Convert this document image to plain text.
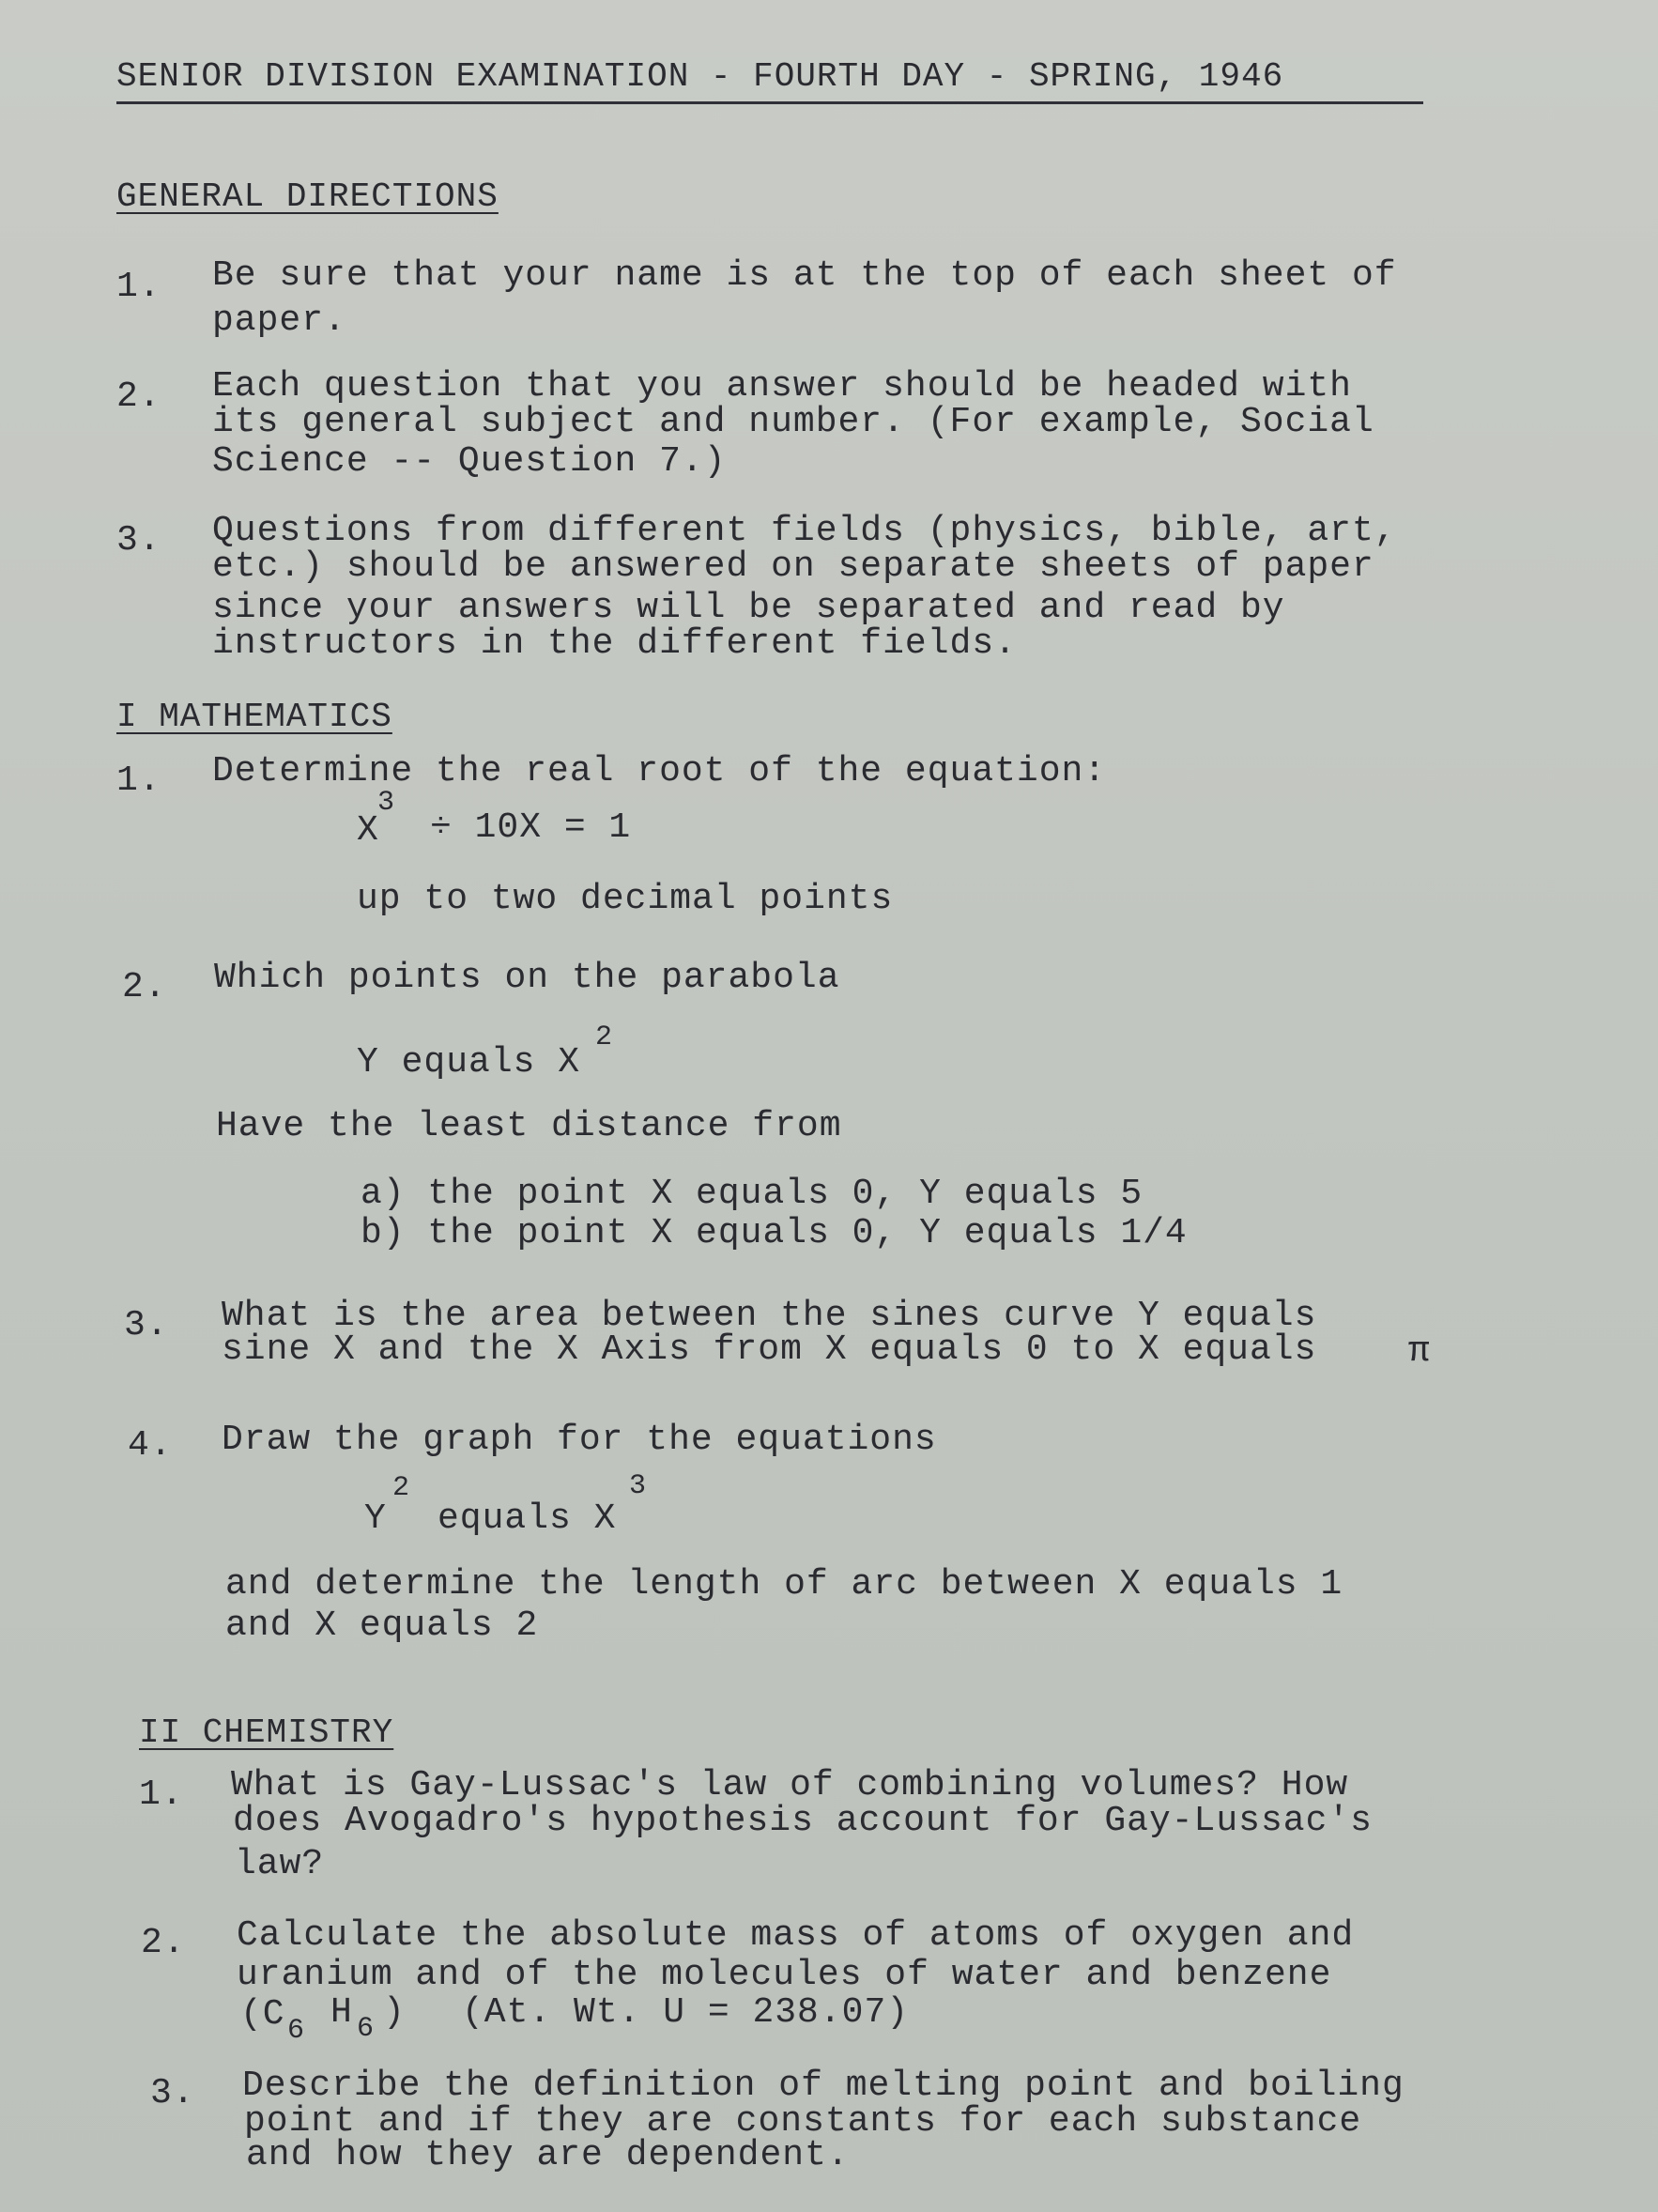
SENIOR DIVISION EXAMINATION - FOURTH DAY - SPRING, 1946
GENERAL DIRECTIONS
1. Be sure that your name is at the top of each sheet of
paper.
2. Each question that you answer should be headed with
its general subject and number. (For example, Social
Science -- Question 7.)
3. Questions from different fields (physics, bible, art,
etc.) should be answered on separate sheets of paper
since your answers will be separated and read by
instructors in the different fields.
I MATHEMATICS
1. Determine the real root of the equation:
X
3
÷ 10X = 1
up to two decimal points
2. Which points on the parabola
Y equals X
2
Have the least distance from
a) the point X equals 0, Y equals 5
b) the point X equals 0, Y equals 1/4
3. What is the area between the sines curve Y equals
sine X and the X Axis from X equals 0 to X equals	π
4. Draw the graph for the equations
Y
2
equals X
3
and determine the length of arc between X equals 1
and X equals 2
II CHEMISTRY
1. What is Gay-Lussac's law of combining volumes? How
does Avogadro's hypothesis account for Gay-Lussac's
law?
2. Calculate the absolute mass of atoms of oxygen and
uranium and of the molecules of water and benzene
(C 6 H 6 ) (At. Wt. U = 238.07)
3. Describe the definition of melting point and boiling
point and if they are constants for each substance
and how they are dependent.
